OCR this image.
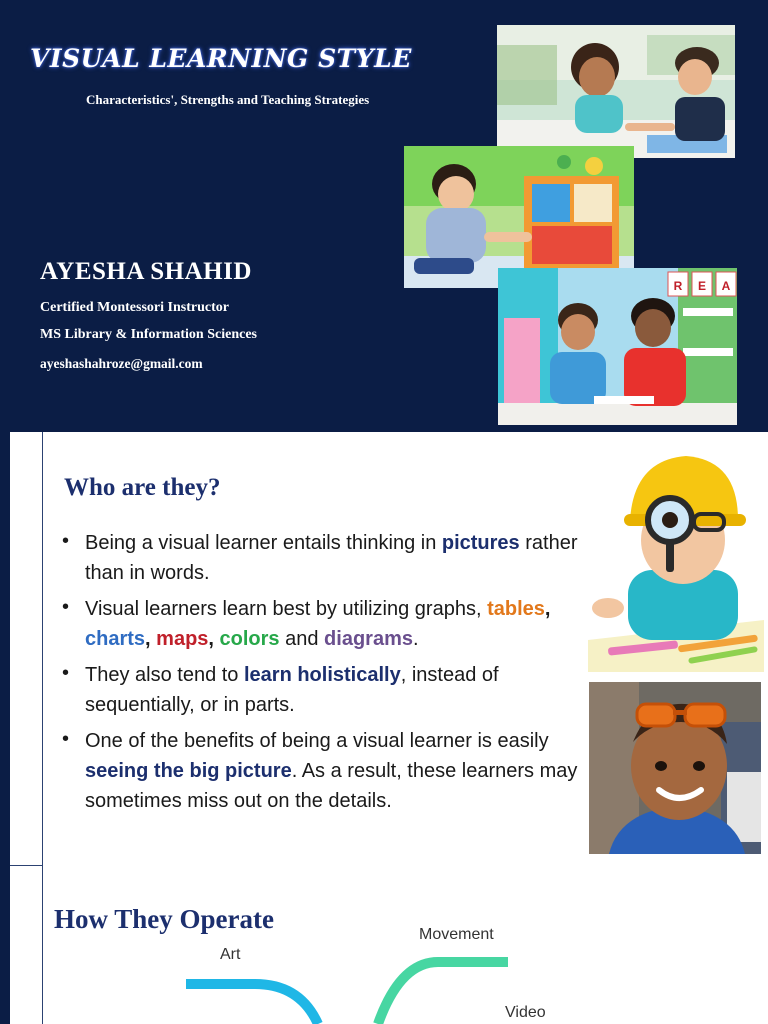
VISUAL LEARNING STYLE
Characteristics', Strengths and Teaching Strategies
AYESHA SHAHID
Certified Montessori Instructor
MS Library & Information Sciences
ayeshashahroze@gmail.com
R E A
Who are they?
• Being a visual learner entails thinking in pictures rather than in words.
• Visual learners learn best by utilizing graphs, tables, charts, maps, colors and diagrams.
• They also tend to learn holistically, instead of sequentially, or in parts.
• One of the benefits of being a visual learner is easily seeing the big picture. As a result, these learners may sometimes miss out on the details.
How They Operate
Art
Movement
Video
